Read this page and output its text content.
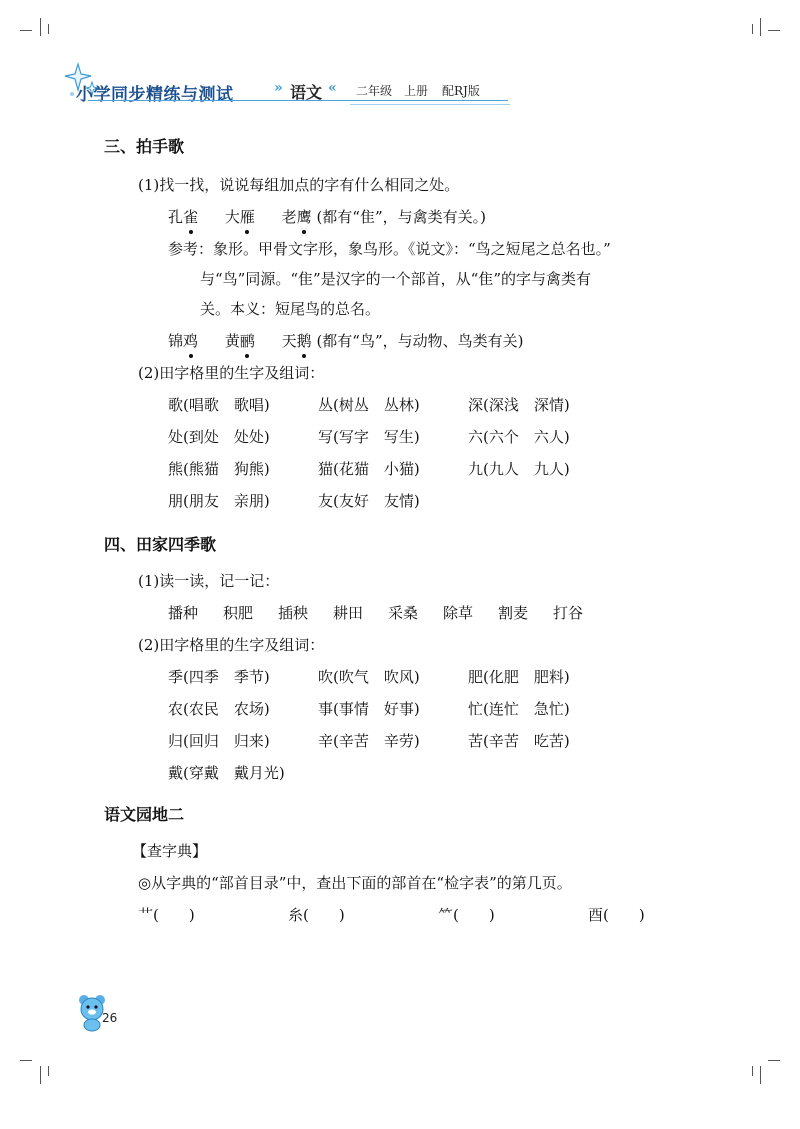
小学同步精练与测试	» 语文 « 二年级 上册 配RJ版
三、拍手歌
(1)找一找，说说每组加点的字有什么相同之处。
孔雀 大雁 老鹰 (都有“隹”，与禽类有关。)
参考：象形。甲骨文字形，象鸟形。《说文》：“鸟之短尾之总名也。”
与“鸟”同源。“隹”是汉字的一个部首，从“隹”的字与禽类有
关。本义：短尾鸟的总名。
锦鸡 黄鹂 天鹅 (都有“鸟”，与动物、鸟类有关)
(2)田字格里的生字及组词：
歌(唱歌　歌唱)	丛(树丛　丛林)	深(深浅　深情)
处(到处　处处)	写(写字　写生)	六(六个　六人)
熊(熊猫　狗熊)	猫(花猫　小猫)	九(九人　九人)
朋(朋友　亲朋)	友(友好　友情)
四、田家四季歌
(1)读一读，记一记：
播种 积肥 插秧 耕田 采桑 除草 割麦 打谷
(2)田字格里的生字及组词：
季(四季　季节)	吹(吹气　吹风)	肥(化肥　肥料)
农(农民　农场)	事(事情　好事)	忙(连忙　急忙)
归(回归　归来)	辛(辛苦　辛劳)	苦(辛苦　吃苦)
戴(穿戴　戴月光)
语文园地二
【查字典】
◎从字典的“部首目录”中，查出下面的部首在“检字表”的第几页。
艹(　　)	糸(　　)	⺮(　　)	酉(　　)
26
